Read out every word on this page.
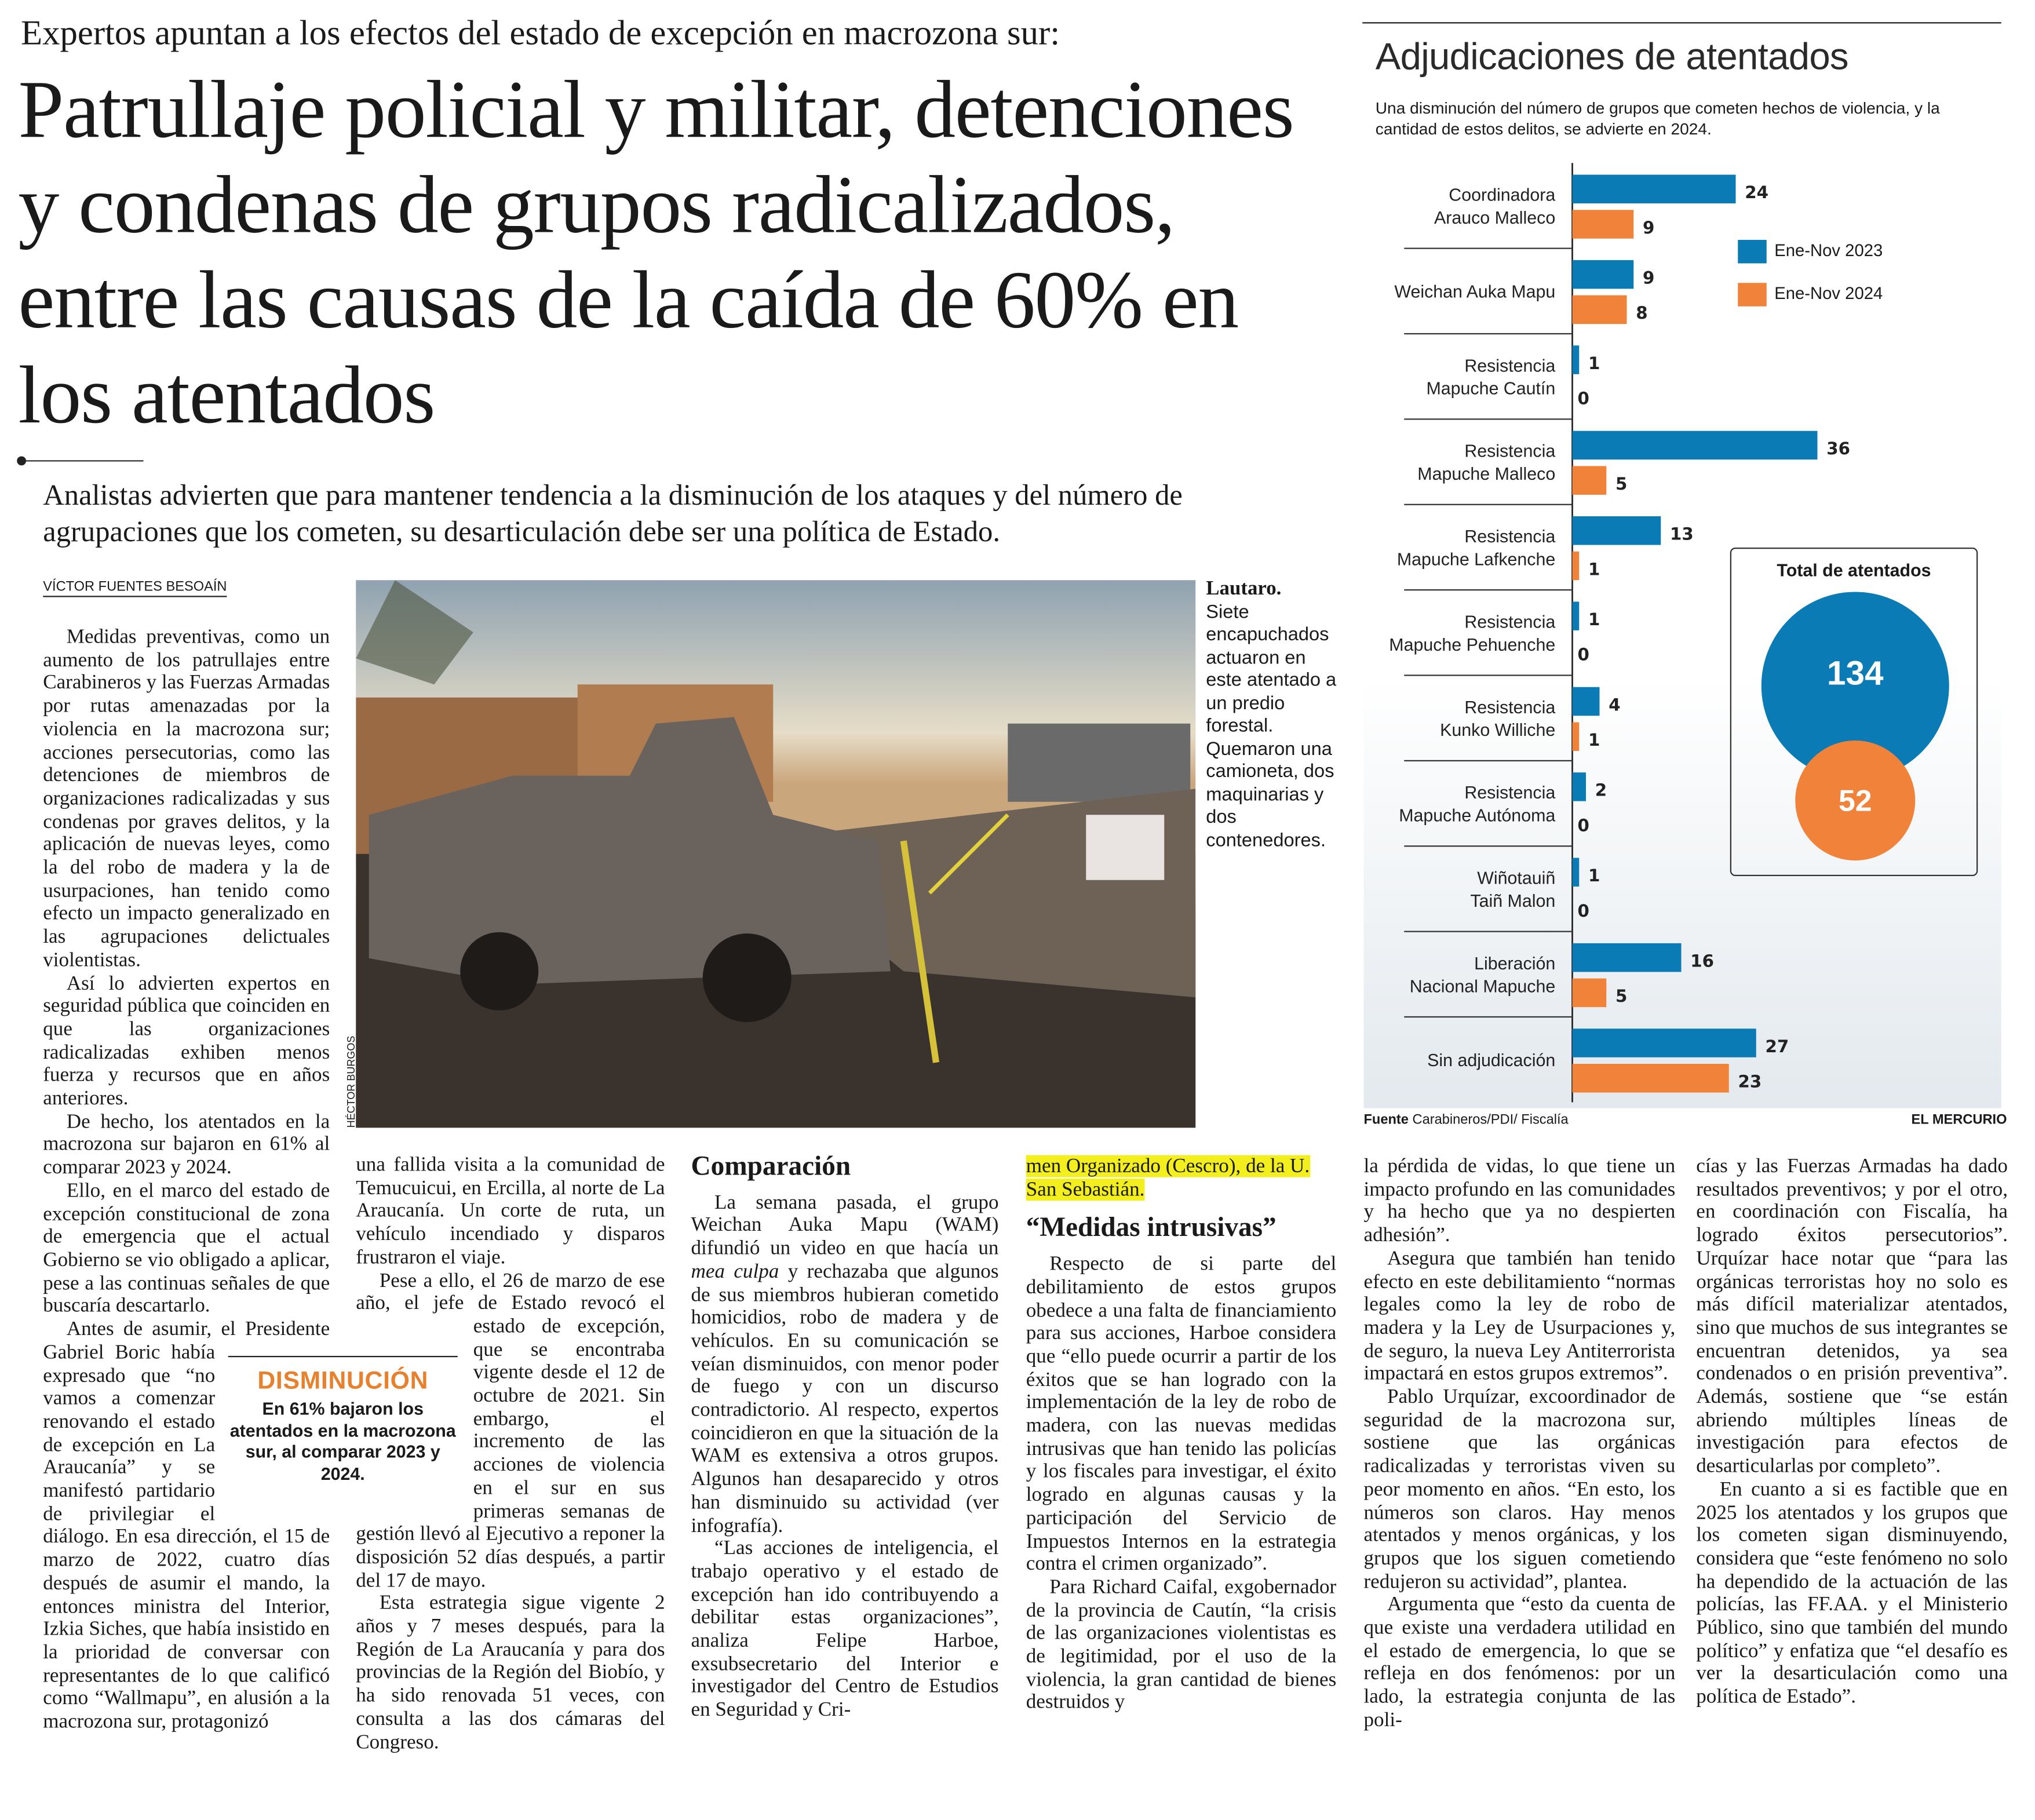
Expertos apuntan a los efectos del estado de excepción en macrozona sur:
Patrullaje policial y militar, detenciones y condenas de grupos radicalizados, entre las causas de la caída de 60% en los atentados
Analistas advierten que para mantener tendencia a la disminución de los ataques y del número de agrupaciones que los cometen, su desarticulación debe ser una política de Estado.
VÍCTOR FUENTES BESOAÍN
HÉCTOR BURGOS
Lautaro.
Siete encapuchados actuaron en este atentado a un predio forestal. Quemaron una camioneta, dos maquinarias y dos contenedores.

Medidas preventivas, como un aumento de los patrullajes entre Carabineros y las Fuerzas Armadas por rutas amenazadas por la violencia en la macrozona sur; acciones persecutorias, como las detenciones de miembros de organizaciones radicalizadas y sus condenas por graves delitos, y la aplicación de nuevas leyes, como la del robo de madera y la de usurpaciones, han tenido como efecto un impacto generalizado en las agrupaciones delictuales violentistas.

Así lo advierten expertos en seguridad pública que coinciden en que las organizaciones radicalizadas exhiben menos fuerza y recursos que en años anteriores.

De hecho, los atentados en la macrozona sur bajaron en 61% al comparar 2023 y 2024.

Ello, en el marco del estado de excepción constitucional de zona de emergencia que el actual Gobierno se vio obligado a aplicar, pese a las continuas señales de que buscaría descartarlo.

Antes de asumir, el Presidente Gabriel Boric había expresado que “no vamos a comenzar renovando el estado de excepción en La Araucanía” y se manifestó partidario de privilegiar el diálogo. En esa dirección, el 15 de marzo de 2022, cuatro días después de asumir el mando, la entonces ministra del Interior, Izkia Siches, que había insistido en la prioridad de conversar con representantes de lo que calificó como “Wallmapu”, en alusión a la macrozona sur, protagonizó

una fallida visita a la comunidad de Temucuicui, en Ercilla, al norte de La Araucanía. Un corte de ruta, un vehículo incendiado y disparos frustraron el viaje.

Pese a ello, el 26 de marzo de ese año, el jefe de Estado revocó el estado de excepción, que se encontraba vigente desde el 12 de octubre de 2021. Sin embargo, el incremento de las acciones de violencia en el sur en sus primeras semanas de gestión llevó al Ejecutivo a reponer la disposición 52 días después, a partir del 17 de mayo.

Esta estrategia sigue vigente 2 años y 7 meses después, para la Región de La Araucanía y para dos provincias de la Región del Biobío, y ha sido renovada 51 veces, con consulta a las dos cámaras del Congreso.

DISMINUCIÓN
En 61% bajaron los atentados en la macrozona sur, al comparar 2023 y 2024.
Comparación

La semana pasada, el grupo Weichan Auka Mapu (WAM) difundió un video en que hacía un mea culpa y rechazaba que algunos de sus miembros hubieran cometido homicidios, robo de madera y de vehículos. En su comunicación se veían disminuidos, con menor poder de fuego y con un discurso contradictorio. Al respecto, expertos coincidieron en que la situación de la WAM es extensiva a otros grupos. Algunos han desaparecido y otros han disminuido su actividad (ver infografía).

“Las acciones de inteligencia, el trabajo operativo y el estado de excepción han ido contribuyendo a debilitar estas organizaciones”, analiza Felipe Harboe, exsubsecretario del Interior e investigador del Centro de Estudios en Seguridad y Cri-

men Organizado (Cescro), de la U. San Sebastián.
“Medidas intrusivas”

Respecto de si parte del debilitamiento de estos grupos obedece a una falta de financiamiento para sus acciones, Harboe considera que “ello puede ocurrir a partir de los éxitos que se han logrado con la implementación de la ley de robo de madera, con las nuevas medidas intrusivas que han tenido las policías y los fiscales para investigar, el éxito logrado en algunas causas y la participación del Servicio de Impuestos Internos en la estrategia contra el crimen organizado”.

Para Richard Caifal, exgobernador de la provincia de Cautín, “la crisis de las organizaciones violentistas es de legitimidad, por el uso de la violencia, la gran cantidad de bienes destruidos y

la pérdida de vidas, lo que tiene un impacto profundo en las comunidades y ha hecho que ya no despierten adhesión”.

Asegura que también han tenido efecto en este debilitamiento “normas legales como la ley de robo de madera y la Ley de Usurpaciones y, de seguro, la nueva Ley Antiterrorista impactará en estos grupos extremos”.

Pablo Urquízar, excoordinador de seguridad de la macrozona sur, sostiene que las orgánicas radicalizadas y terroristas viven su peor momento en años. “En esto, los números son claros. Hay menos atentados y menos orgánicas, y los grupos que los siguen cometiendo redujeron su actividad”, plantea.

Argumenta que “esto da cuenta de que existe una verdadera utilidad en el estado de emergencia, lo que se refleja en dos fenómenos: por un lado, la estrategia conjunta de las poli-

cías y las Fuerzas Armadas ha dado resultados preventivos; y por el otro, en coordinación con Fiscalía, ha logrado éxitos persecutorios”. Urquízar hace notar que “para las orgánicas terroristas hoy no solo es más difícil materializar atentados, sino que muchos de sus integrantes se encuentran detenidos, ya sea condenados o en prisión preventiva”. Además, sostiene que “se están abriendo múltiples líneas de investigación para efectos de desarticularlas por completo”.

En cuanto a si es factible que en 2025 los atentados y los grupos que los cometen sigan disminuyendo, considera que “este fenómeno no solo ha dependido de la actuación de las policías, las FF.AA. y el Ministerio Público, sino que también del mundo político” y enfatiza que “el desafío es ver la desarticulación como una política de Estado”.

Adjudicaciones de atentados
Una disminución del número de grupos que cometen hechos de violencia, y la cantidad de estos delitos, se advierte en 2024.
Coordinadora Arauco Malleco
24
9
Weichan Auka Mapu
9
8
Resistencia Mapuche Cautín
1
0
Resistencia Mapuche Malleco
36
5
Resistencia Mapuche Lafkenche
13
1
Resistencia Mapuche Pehuenche
1
0
Resistencia Kunko Williche
4
1
Resistencia Mapuche Autónoma
2
0
Wiñotauiñ Taiñ Malon
1
0
Liberación Nacional Mapuche
16
5
Sin adjudicación
27
23
Ene-Nov 2023
Ene-Nov 2024
Total de atentados
134
52
Fuente Carabineros/PDI/ Fiscalía	EL MERCURIO
